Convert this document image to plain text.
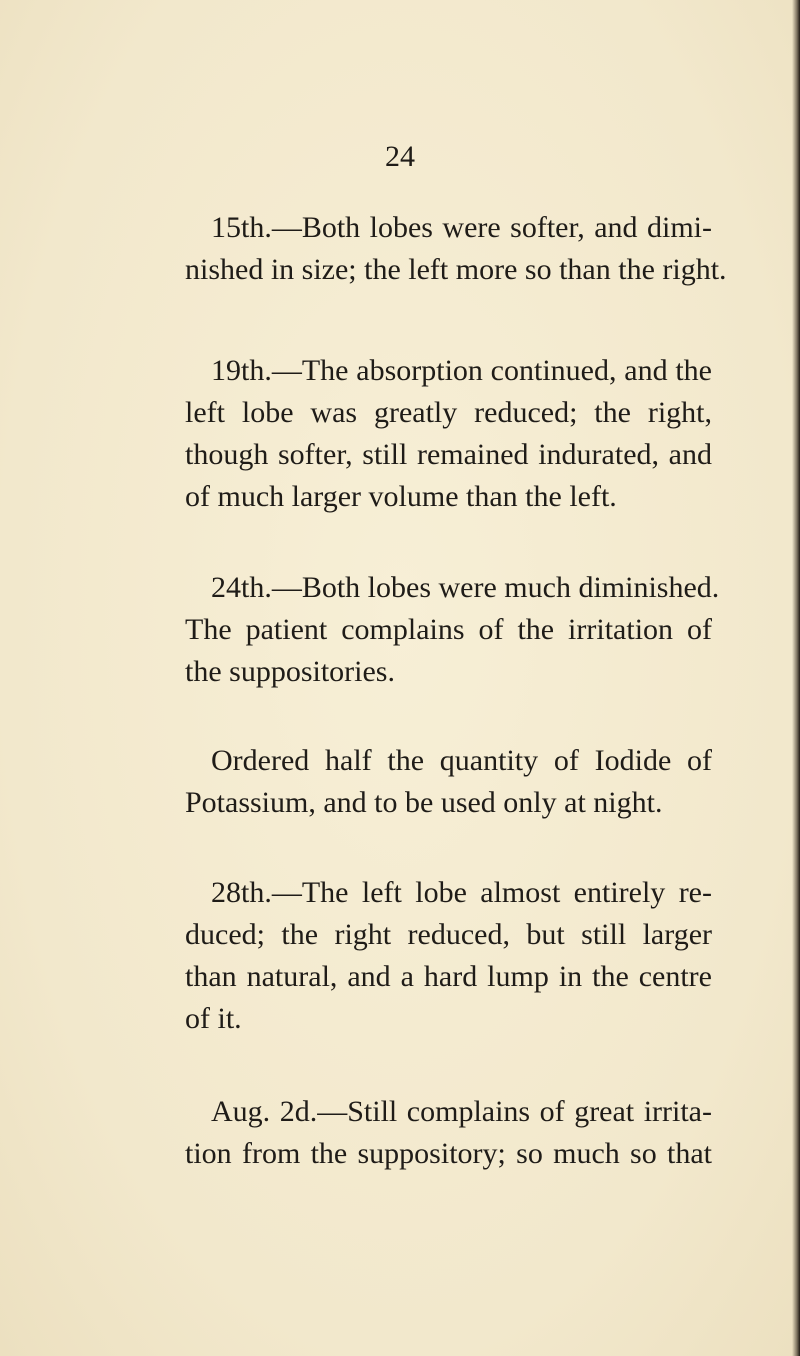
24
15th.—Both lobes were softer, and dimi-
nished in size; the left more so than the right.
19th.—The absorption continued, and the
left lobe was greatly reduced; the right,
though softer, still remained indurated, and
of much larger volume than the left.
24th.—Both lobes were much diminished.
The patient complains of the irritation of
the suppositories.
Ordered half the quantity of Iodide of
Potassium, and to be used only at night.
28th.—The left lobe almost entirely re-
duced; the right reduced, but still larger
than natural, and a hard lump in the centre
of it.
Aug. 2d.—Still complains of great irrita-
tion from the suppository; so much so that
